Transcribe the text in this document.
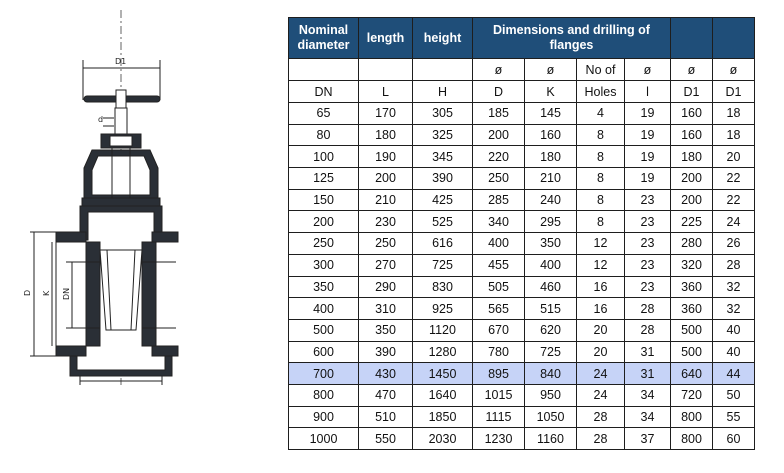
D1
d
D K DN
Nominal diameter	length	height	Dimensions and drilling of flanges					
			ø	ø	No of	ø	ø	ø
DN	L	H	D	K	Holes	l	D1	D1
65	170	305	185	145	4	19	160	18
80	180	325	200	160	8	19	160	18
100	190	345	220	180	8	19	180	20
125	200	390	250	210	8	19	200	22
150	210	425	285	240	8	23	200	22
200	230	525	340	295	8	23	225	24
250	250	616	400	350	12	23	280	26
300	270	725	455	400	12	23	320	28
350	290	830	505	460	16	23	360	32
400	310	925	565	515	16	28	360	32
500	350	1120	670	620	20	28	500	40
600	390	1280	780	725	20	31	500	40
700	430	1450	895	840	24	31	640	44
800	470	1640	1015	950	24	34	720	50
900	510	1850	1115	1050	28	34	800	55
1000	550	2030	1230	1160	28	37	800	60
